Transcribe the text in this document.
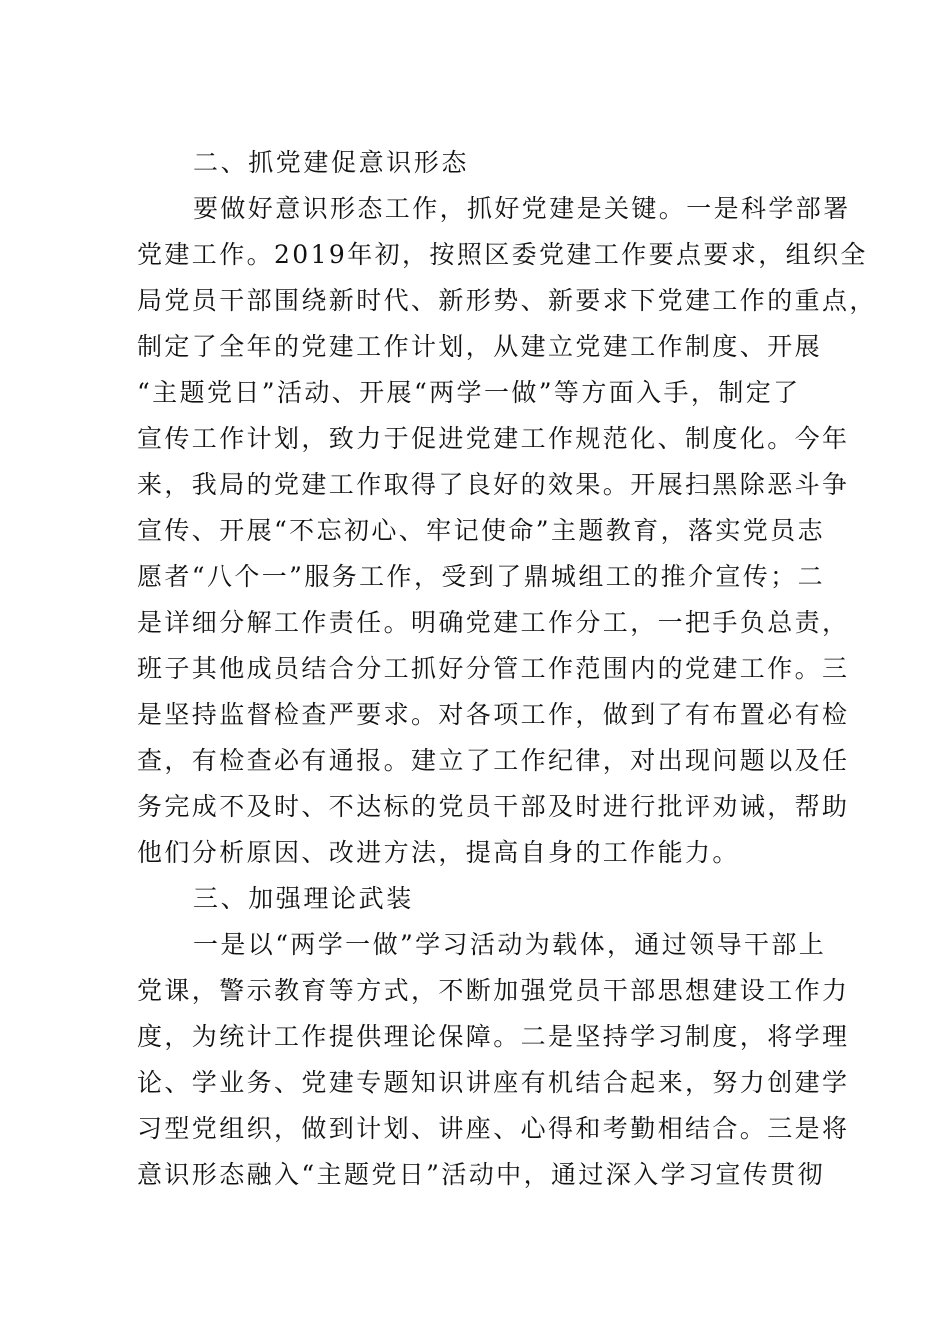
二、抓党建促意识形态
要做好意识形态工作，抓好党建是关键。一是科学部署
党建工作。2019年初，按照区委党建工作要点要求，组织全
局党员干部围绕新时代、新形势、新要求下党建工作的重点，
制定了全年的党建工作计划，从建立党建工作制度、开展
“主题党日”活动、开展“两学一做”等方面入手，制定了
宣传工作计划，致力于促进党建工作规范化、制度化。今年
来，我局的党建工作取得了良好的效果。开展扫黑除恶斗争
宣传、开展“不忘初心、牢记使命”主题教育，落实党员志
愿者“八个一”服务工作，受到了鼎城组工的推介宣传；二
是详细分解工作责任。明确党建工作分工，一把手负总责，
班子其他成员结合分工抓好分管工作范围内的党建工作。三
是坚持监督检查严要求。对各项工作，做到了有布置必有检
查，有检查必有通报。建立了工作纪律，对出现问题以及任
务完成不及时、不达标的党员干部及时进行批评劝诫，帮助
他们分析原因、改进方法，提高自身的工作能力。
三、加强理论武装
一是以“两学一做”学习活动为载体，通过领导干部上
党课，警示教育等方式，不断加强党员干部思想建设工作力
度，为统计工作提供理论保障。二是坚持学习制度，将学理
论、学业务、党建专题知识讲座有机结合起来，努力创建学
习型党组织，做到计划、讲座、心得和考勤相结合。三是将
意识形态融入“主题党日”活动中，通过深入学习宣传贯彻
